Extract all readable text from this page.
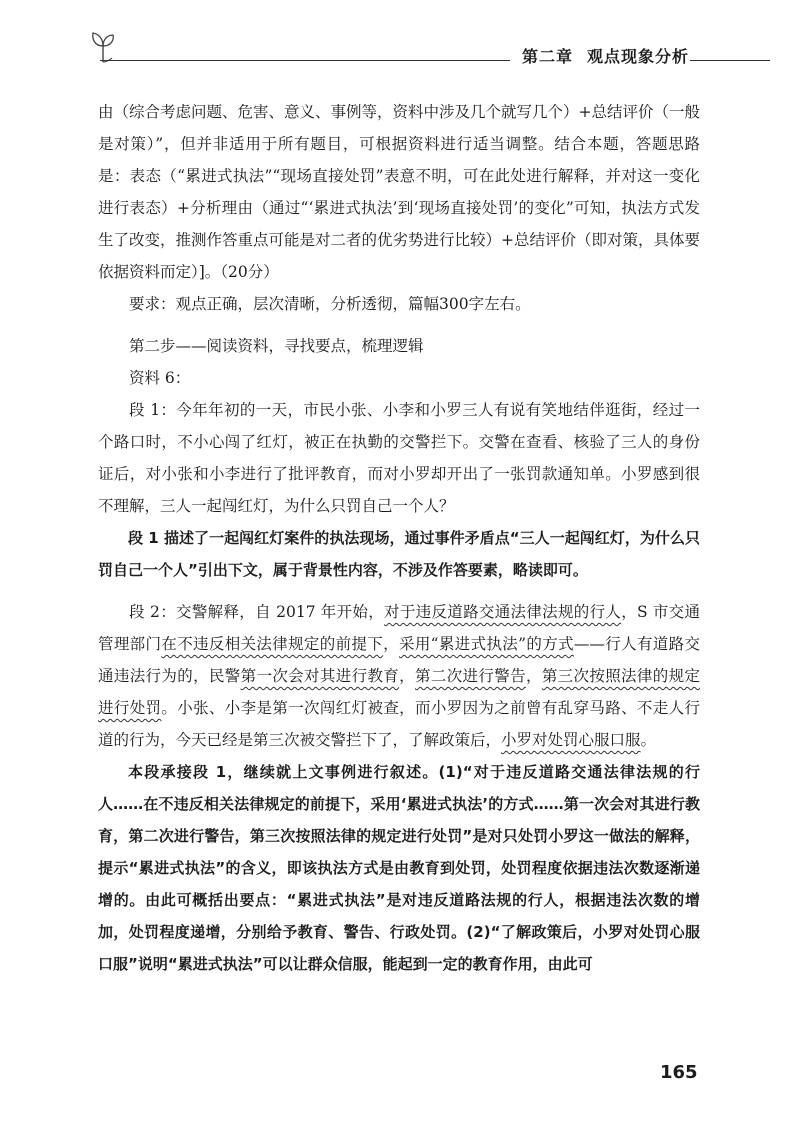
第二章 观点现象分析

由（综合考虑问题、危害、意义、事例等，资料中涉及几个就写几个）+总结评价（一般是对策）”，但并非适用于所有题目，可根据资料进行适当调整。结合本题，答题思路是：表态（“累进式执法”“现场直接处罚”表意不明，可在此处进行解释，并对这一变化进行表态）+分析理由（通过“‘累进式执法’到‘现场直接处罚’的变化”可知，执法方式发生了改变，推测作答重点可能是对二者的优劣势进行比较）+总结评价（即对策，具体要依据资料而定）]。（20分）

要求：观点正确，层次清晰，分析透彻，篇幅300字左右。

第二步——阅读资料，寻找要点，梳理逻辑

资料 6：

段 1：今年年初的一天，市民小张、小李和小罗三人有说有笑地结伴逛街，经过一个路口时，不小心闯了红灯，被正在执勤的交警拦下。交警在查看、核验了三人的身份证后，对小张和小李进行了批评教育，而对小罗却开出了一张罚款通知单。小罗感到很不理解，三人一起闯红灯，为什么只罚自己一个人？

段 1 描述了一起闯红灯案件的执法现场，通过事件矛盾点“三人一起闯红灯，为什么只罚自己一个人”引出下文，属于背景性内容，不涉及作答要素，略读即可。

段 2：交警解释，自 2017 年开始，对于违反道路交通法律法规的行人，S 市交通管理部门在不违反相关法律规定的前提下，采用“累进式执法”的方式——行人有道路交通违法行为的，民警第一次会对其进行教育，第二次进行警告，第三次按照法律的规定进行处罚。小张、小李是第一次闯红灯被查，而小罗因为之前曾有乱穿马路、不走人行道的行为，今天已经是第三次被交警拦下了，了解政策后，小罗对处罚心服口服。

本段承接段 1，继续就上文事例进行叙述。(1)“对于违反道路交通法律法规的行人……在不违反相关法律规定的前提下，采用‘累进式执法’的方式……第一次会对其进行教育，第二次进行警告，第三次按照法律的规定进行处罚”是对只处罚小罗这一做法的解释，提示“累进式执法”的含义，即该执法方式是由教育到处罚，处罚程度依据违法次数逐渐递增的。由此可概括出要点：“累进式执法”是对违反道路法规的行人，根据违法次数的增加，处罚程度递增，分别给予教育、警告、行政处罚。(2)“了解政策后，小罗对处罚心服口服”说明“累进式执法”可以让群众信服，能起到一定的教育作用，由此可

165
